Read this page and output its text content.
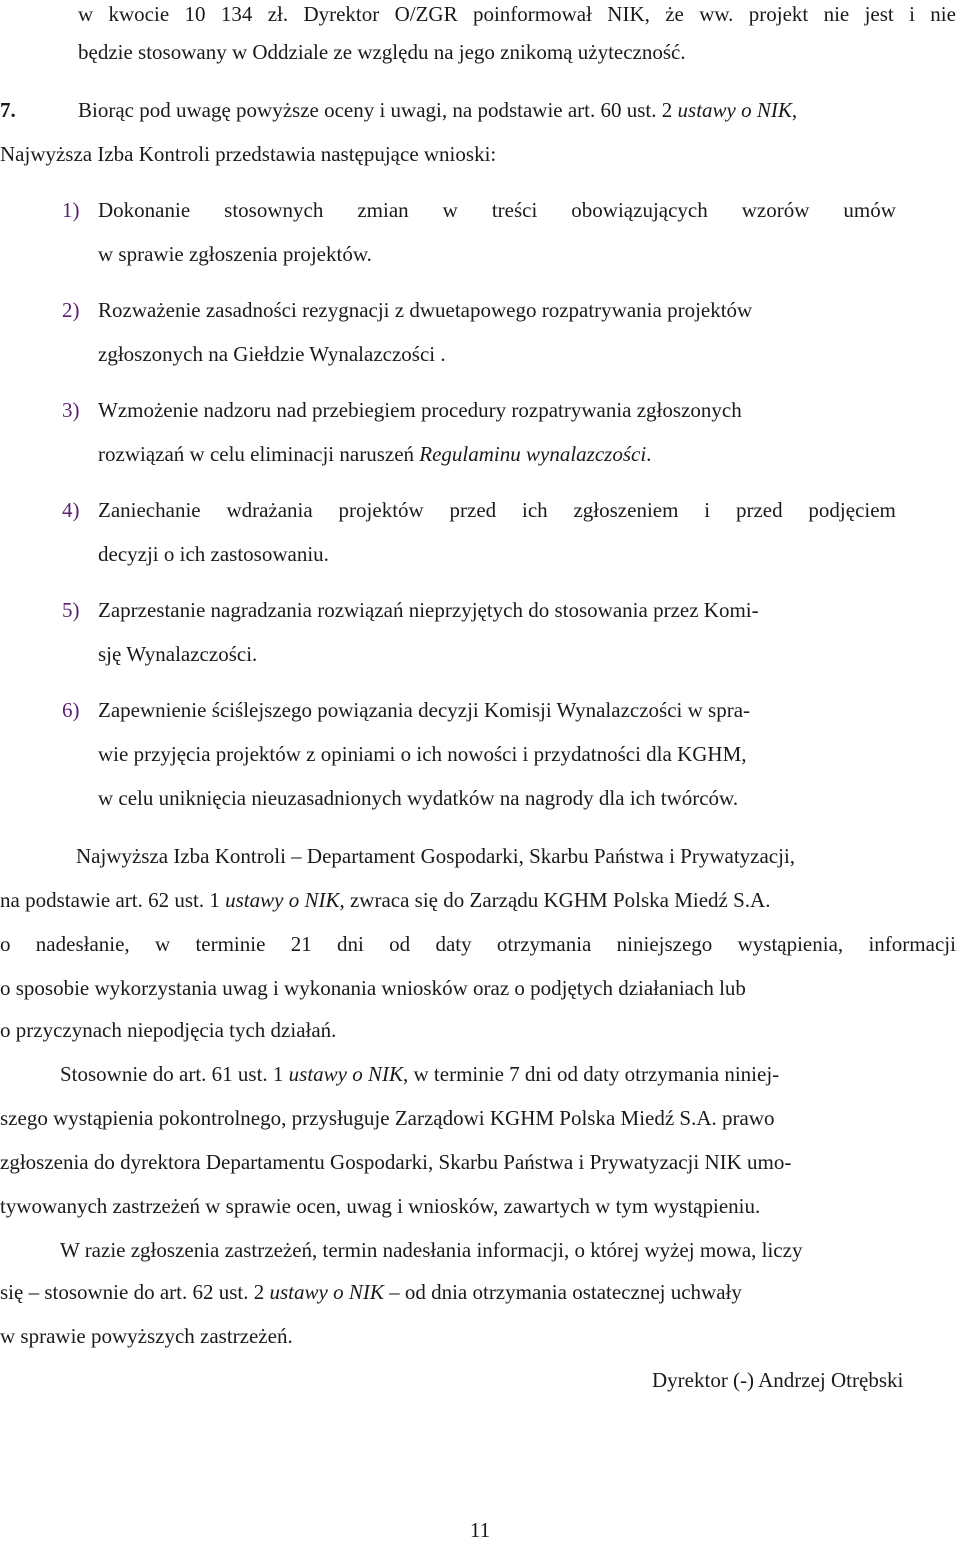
w kwocie 10 134 zł. Dyrektor O/ZGR poinformował NIK, że ww. projekt nie jest i nie

będzie stosowany w Oddziale ze względu na jego znikomą użyteczność.

7.	Biorąc pod uwagę powyższe oceny i uwagi, na podstawie art. 60 ust. 2 ustawy o NIK,

Najwyższa Izba Kontroli przedstawia następujące wnioski:

1) Dokonanie stosownych zmian w treści obowiązujących wzorów umów

w sprawie zgłoszenia projektów.

2) Rozważenie zasadności rezygnacji z dwuetapowego rozpatrywania projektów

zgłoszonych na Giełdzie Wynalazczości .

3) Wzmożenie nadzoru nad przebiegiem procedury rozpatrywania zgłoszonych

rozwiązań w celu eliminacji naruszeń Regulaminu wynalazczości.

4) Zaniechanie wdrażania projektów przed ich zgłoszeniem i przed podjęciem

decyzji o ich zastosowaniu.

5) Zaprzestanie nagradzania rozwiązań nieprzyjętych do stosowania przez Komi-

sję Wynalazczości.

6) Zapewnienie ściślejszego powiązania decyzji Komisji Wynalazczości w spra-

wie przyjęcia projektów z opiniami o ich nowości i przydatności dla KGHM,

w celu uniknięcia nieuzasadnionych wydatków na nagrody dla ich twórców.

Najwyższa Izba Kontroli – Departament Gospodarki, Skarbu Państwa i Prywatyzacji,

na podstawie art. 62 ust. 1 ustawy o NIK, zwraca się do Zarządu KGHM Polska Miedź S.A.

o nadesłanie, w terminie 21 dni od daty otrzymania niniejszego wystąpienia, informacji

o sposobie wykorzystania uwag i wykonania wniosków oraz o podjętych działaniach lub

o przyczynach niepodjęcia tych działań.

Stosownie do art. 61 ust. 1 ustawy o NIK, w terminie 7 dni od daty otrzymania niniej-

szego wystąpienia pokontrolnego, przysługuje Zarządowi KGHM Polska Miedź S.A. prawo

zgłoszenia do dyrektora Departamentu Gospodarki, Skarbu Państwa i Prywatyzacji NIK umo-

tywowanych zastrzeżeń w sprawie ocen, uwag i wniosków, zawartych w tym wystąpieniu.

W razie zgłoszenia zastrzeżeń, termin nadesłania informacji, o której wyżej mowa, liczy

się – stosownie do art. 62 ust. 2 ustawy o NIK – od dnia otrzymania ostatecznej uchwały

w sprawie powyższych zastrzeżeń.

Dyrektor (-) Andrzej Otrębski

11
